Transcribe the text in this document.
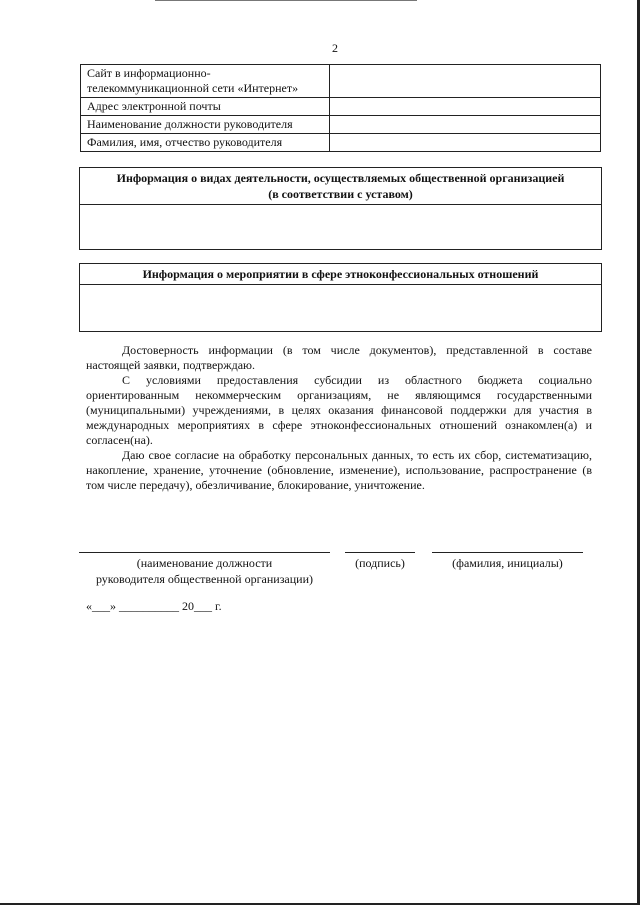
2
Сайт в информационно-телекоммуникационной сети «Интернет»	
Адрес электронной почты	
Наименование должности руководителя	
Фамилия, имя, отчество руководителя	
Информация о видах деятельности, осуществляемых общественной организацией
(в соответствии с уставом)
Информация о мероприятии в сфере этноконфессиональных отношений

Достоверность информации (в том числе документов), представленной в составе настоящей заявки, подтверждаю.

С условиями предоставления субсидии из областного бюджета социально ориентированным некоммерческим организациям, не являющимся государственными (муниципальными) учреждениями, в целях оказания финансовой поддержки для участия в международных мероприятиях в сфере этноконфессиональных отношений ознакомлен(а) и согласен(на).

Даю свое согласие на обработку персональных данных, то есть их сбор, систематизацию, накопление, хранение, уточнение (обновление, изменение), использование, распространение (в том числе передачу), обезличивание, блокирование, уничтожение.

(наименование должности
руководителя общественной организации)
(подпись)	(фамилия, инициалы)
«___» __________ 20___ г.
